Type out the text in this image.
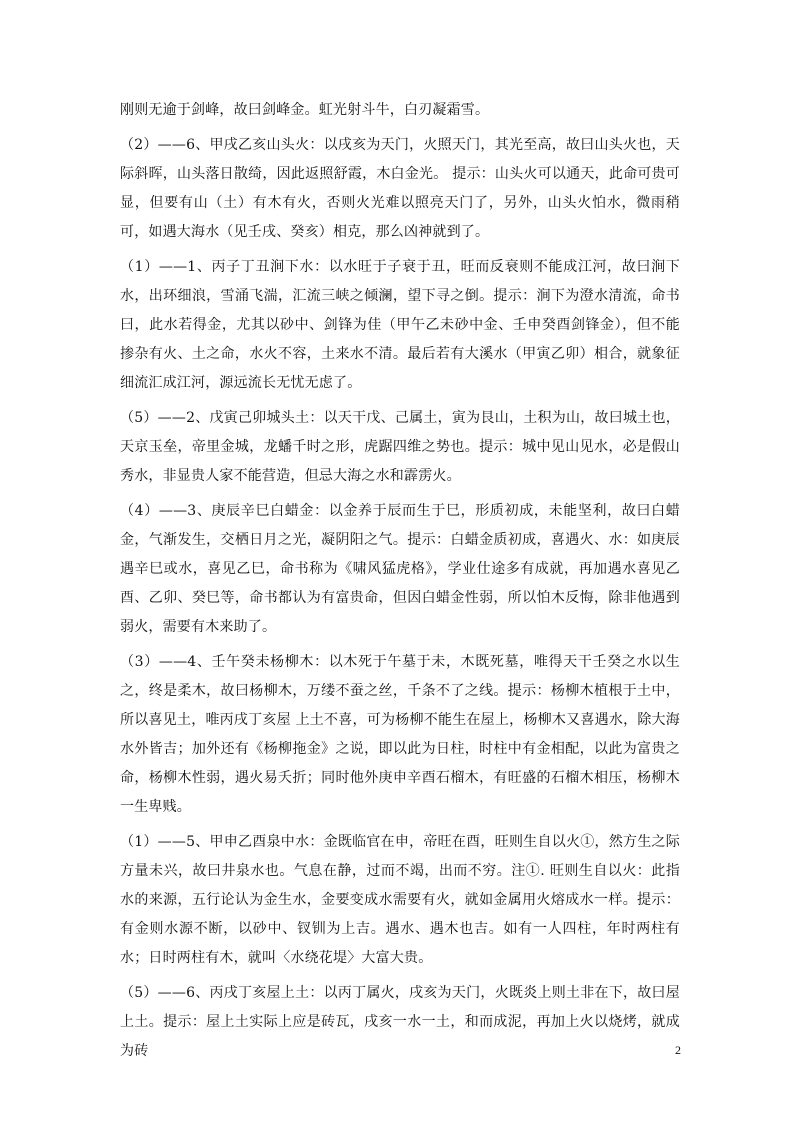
刚则无逾于剑峰，故曰剑峰金。虹光射斗牛，白刃凝霜雪。

（2）——6、甲戌乙亥山头火：以戌亥为天门，火照天门，其光至高，故曰山头火也，天际斜晖，山头落日散绮，因此返照舒霞，木白金光。 提示：山头火可以通天，此命可贵可显，但要有山（土）有木有火，否则火光难以照亮天门了，另外，山头火怕水，微雨稍可，如遇大海水（见壬戌、癸亥）相克，那么凶神就到了。

（1）——1、丙子丁丑涧下水：以水旺于子衰于丑，旺而反衰则不能成江河，故曰涧下水，出环细浪，雪涌飞湍，汇流三峡之倾澜，望下寻之倒。提示：涧下为澄水清流，命书曰，此水若得金，尤其以砂中、剑锋为佳（甲午乙未砂中金、壬申癸酉剑锋金），但不能掺杂有火、土之命，水火不容，土来水不清。最后若有大溪水（甲寅乙卯）相合，就象征细流汇成江河，源远流长无忧无虑了。

（5）——2、戊寅己卯城头土：以天干戊、己属土，寅为艮山，土积为山，故曰城土也，天京玉垒，帝里金城，龙蟠千时之形，虎踞四维之势也。提示：城中见山见水，必是假山秀水，非显贵人家不能营造，但忌大海之水和霹雳火。

（4）——3、庚辰辛巳白蜡金：以金养于辰而生于巳，形质初成，未能坚利，故曰白蜡金，气渐发生，交栖日月之光，凝阴阳之气。提示：白蜡金质初成，喜遇火、水：如庚辰遇辛巳或水，喜见乙巳，命书称为《啸风猛虎格》，学业仕途多有成就，再加遇水喜见乙酉、乙卯、癸巳等，命书都认为有富贵命，但因白蜡金性弱，所以怕木反悔，除非他遇到弱火，需要有木来助了。

（3）——4、壬午癸未杨柳木：以木死于午墓于未，木既死墓，唯得天干壬癸之水以生之，终是柔木，故曰杨柳木，万缕不蚕之丝，千条不了之线。提示：杨柳木植根于土中，所以喜见土，唯丙戌丁亥屋 上土不喜，可为杨柳不能生在屋上，杨柳木又喜遇水，除大海水外皆吉；加外还有《杨柳拖金》之说，即以此为日柱，时柱中有金相配，以此为富贵之命，杨柳木性弱，遇火易夭折；同时他外庚申辛酉石榴木，有旺盛的石榴木相压，杨柳木一生卑贱。

（1）——5、甲申乙酉泉中水：金既临官在申，帝旺在酉，旺则生自以火①，然方生之际方量未兴，故曰井泉水也。气息在静，过而不竭，出而不穷。注①. 旺则生自以火：此指水的来源，五行论认为金生水，金要变成水需要有火，就如金属用火熔成水一样。提示：有金则水源不断，以砂中、钗钏为上吉。遇水、遇木也吉。如有一人四柱，年时两柱有水；日时两柱有木，就叫〈水绕花堤〉大富大贵。

（5）——6、丙戌丁亥屋上土：以丙丁属火，戌亥为天门，火既炎上则土非在下，故曰屋上土。提示：屋上土实际上应是砖瓦，戌亥一水一土，和而成泥，再加上火以烧烤，就成为砖	2
